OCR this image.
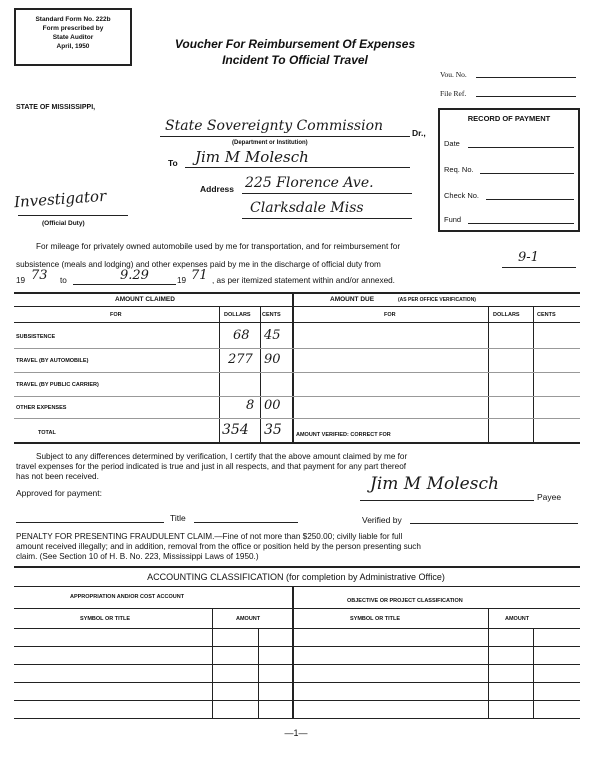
Standard Form No. 222b
Form prescribed by
State Auditor
April, 1950	Voucher For Reimbursement Of Expenses
Incident To Official Travel
Vou. No.
File Ref.
STATE OF MISSISSIPPI,
State Sovereignty Commission	Dr.,
(Department or Institution)
To Jim M Molesch
Address 225 Florence Ave.
Clarksdale Miss
Investigator
(Official Duty)
RECORD OF PAYMENT
Date
Req. No.
Check No.
Fund
For mileage for privately owned automobile used by me for transportation, and for reimbursement for
subsistence (meals and lodging) and other expenses paid by me in the discharge of official duty from	9-1
19 73 to	9.29	19 71 , as per itemized statement within and/or annexed.
AMOUNT CLAIMED	AMOUNT DUE	(AS PER OFFICE VERIFICATION)
FOR	DOLLARS CENTS	FOR	DOLLARS	CENTS
SUBSISTENCE	68 45
TRAVEL (BY AUTOMOBILE)	277 90
TRAVEL (BY PUBLIC CARRIER)
OTHER EXPENSES	8 00
TOTAL	354 35	AMOUNT VERIFIED: CORRECT FOR
Subject to any differences determined by verification, I certify that the above amount claimed by me for
travel expenses for the period indicated is true and just in all respects, and that payment for any part thereof
has not been received.
Approved for payment:	Jim M Molesch
Payee
Title	Verified by
PENALTY FOR PRESENTING FRAUDULENT CLAIM.—Fine of not more than $250.00; civilly liable for full
amount received illegally; and in addition, removal from the office or position held by the person presenting such
claim. (See Section 10 of H. B. No. 223, Mississippi Laws of 1950.)
ACCOUNTING CLASSIFICATION (for completion by Administrative Office)
APPROPRIATION AND/OR COST ACCOUNT
OBJECTIVE OR PROJECT CLASSIFICATION
SYMBOL OR TITLE	AMOUNT	SYMBOL OR TITLE	AMOUNT
—1—
